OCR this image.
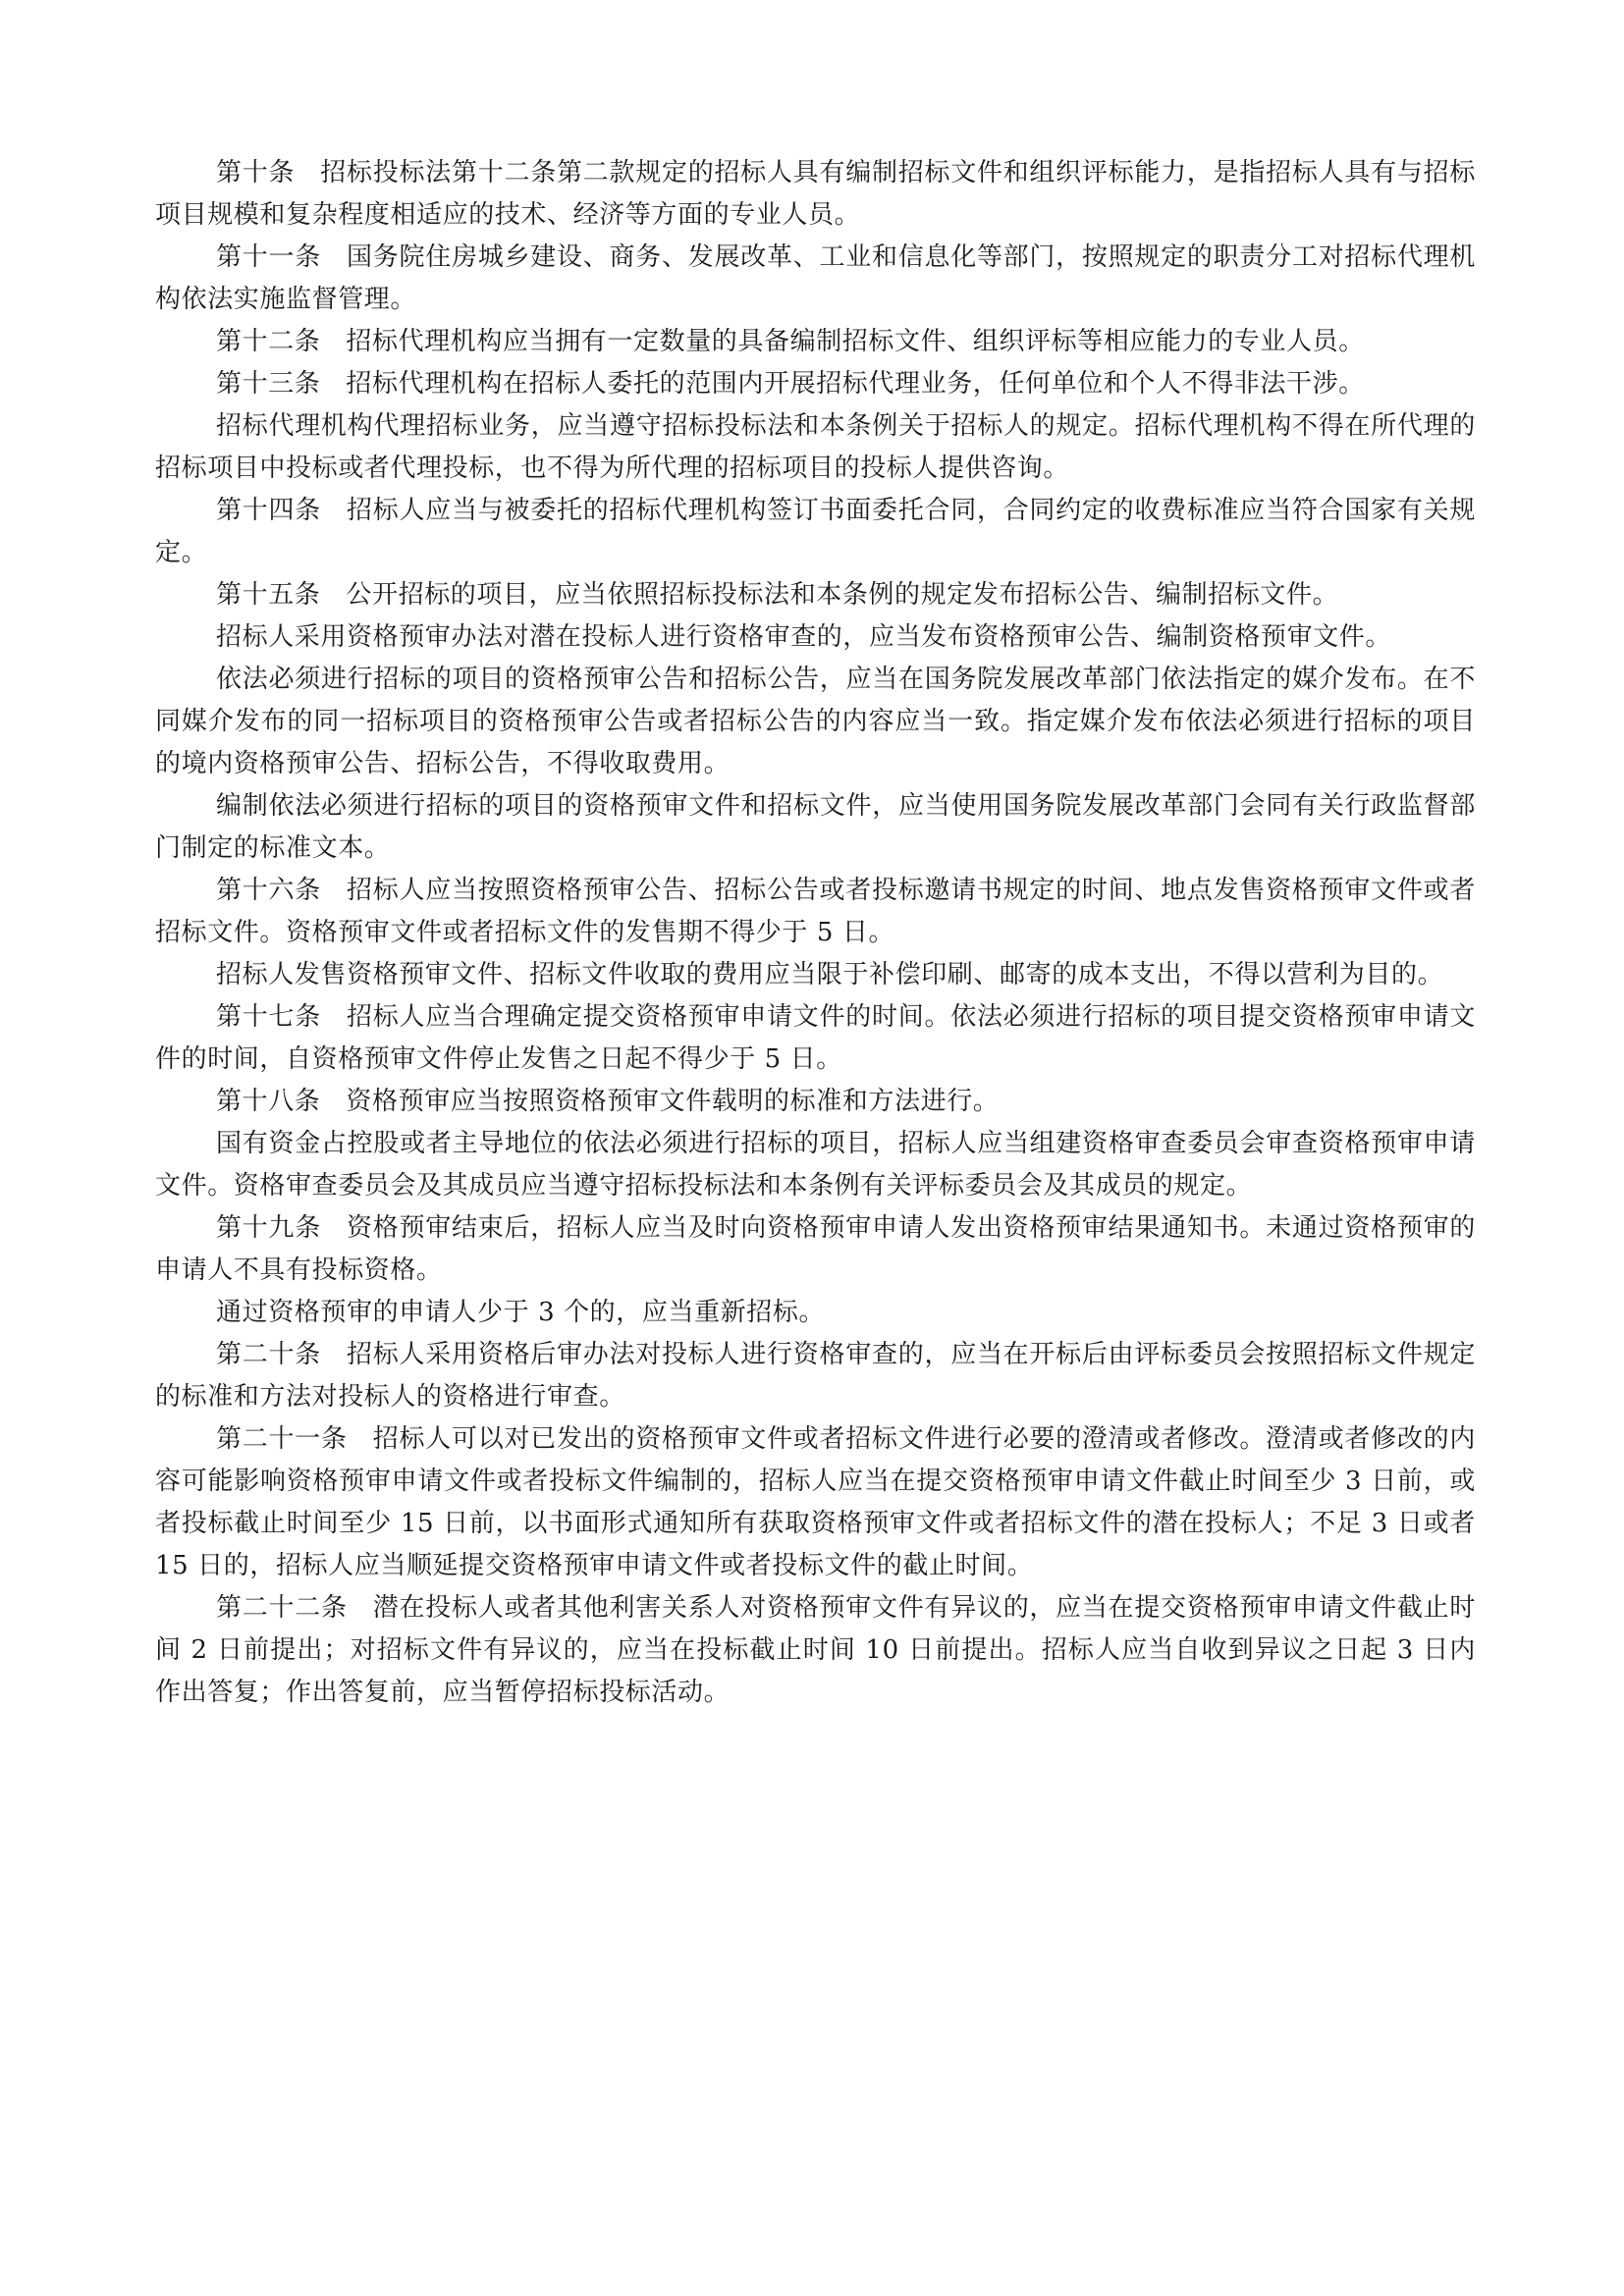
第十条 招标投标法第十二条第二款规定的招标人具有编制招标文件和组织评标能力，是指招标人具有与招标项目规模和复杂程度相适应的技术、经济等方面的专业人员。

第十一条 国务院住房城乡建设、商务、发展改革、工业和信息化等部门，按照规定的职责分工对招标代理机构依法实施监督管理。

第十二条 招标代理机构应当拥有一定数量的具备编制招标文件、组织评标等相应能力的专业人员。

第十三条 招标代理机构在招标人委托的范围内开展招标代理业务，任何单位和个人不得非法干涉。

招标代理机构代理招标业务，应当遵守招标投标法和本条例关于招标人的规定。招标代理机构不得在所代理的招标项目中投标或者代理投标，也不得为所代理的招标项目的投标人提供咨询。

第十四条 招标人应当与被委托的招标代理机构签订书面委托合同，合同约定的收费标准应当符合国家有关规定。

第十五条 公开招标的项目，应当依照招标投标法和本条例的规定发布招标公告、编制招标文件。

招标人采用资格预审办法对潜在投标人进行资格审查的，应当发布资格预审公告、编制资格预审文件。

依法必须进行招标的项目的资格预审公告和招标公告，应当在国务院发展改革部门依法指定的媒介发布。在不同媒介发布的同一招标项目的资格预审公告或者招标公告的内容应当一致。指定媒介发布依法必须进行招标的项目的境内资格预审公告、招标公告，不得收取费用。

编制依法必须进行招标的项目的资格预审文件和招标文件，应当使用国务院发展改革部门会同有关行政监督部门制定的标准文本。

第十六条 招标人应当按照资格预审公告、招标公告或者投标邀请书规定的时间、地点发售资格预审文件或者招标文件。资格预审文件或者招标文件的发售期不得少于 5 日。

招标人发售资格预审文件、招标文件收取的费用应当限于补偿印刷、邮寄的成本支出，不得以营利为目的。

第十七条 招标人应当合理确定提交资格预审申请文件的时间。依法必须进行招标的项目提交资格预审申请文件的时间，自资格预审文件停止发售之日起不得少于 5 日。

第十八条 资格预审应当按照资格预审文件载明的标准和方法进行。

国有资金占控股或者主导地位的依法必须进行招标的项目，招标人应当组建资格审查委员会审查资格预审申请文件。资格审查委员会及其成员应当遵守招标投标法和本条例有关评标委员会及其成员的规定。

第十九条 资格预审结束后，招标人应当及时向资格预审申请人发出资格预审结果通知书。未通过资格预审的申请人不具有投标资格。

通过资格预审的申请人少于 3 个的，应当重新招标。

第二十条 招标人采用资格后审办法对投标人进行资格审查的，应当在开标后由评标委员会按照招标文件规定的标准和方法对投标人的资格进行审查。

第二十一条 招标人可以对已发出的资格预审文件或者招标文件进行必要的澄清或者修改。澄清或者修改的内容可能影响资格预审申请文件或者投标文件编制的，招标人应当在提交资格预审申请文件截止时间至少 3 日前，或者投标截止时间至少 15 日前，以书面形式通知所有获取资格预审文件或者招标文件的潜在投标人；不足 3 日或者 15 日的，招标人应当顺延提交资格预审申请文件或者投标文件的截止时间。

第二十二条 潜在投标人或者其他利害关系人对资格预审文件有异议的，应当在提交资格预审申请文件截止时间 2 日前提出；对招标文件有异议的，应当在投标截止时间 10 日前提出。招标人应当自收到异议之日起 3 日内作出答复；作出答复前，应当暂停招标投标活动。
